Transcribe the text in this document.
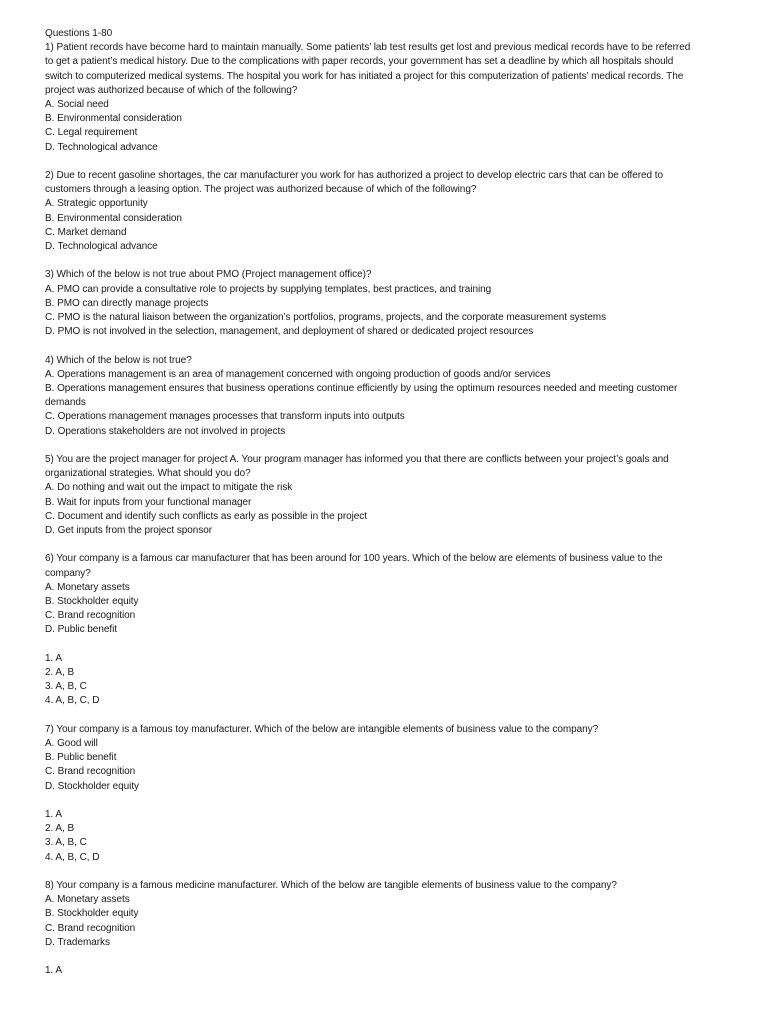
Questions 1-80
1) Patient records have become hard to maintain manually. Some patients’ lab test results get lost and previous medical records have to be referred
to get a patient’s medical history. Due to the complications with paper records, your government has set a deadline by which all hospitals should
switch to computerized medical systems. The hospital you work for has initiated a project for this computerization of patients’ medical records. The
project was authorized because of which of the following?
A. Social need
B. Environmental consideration
C. Legal requirement
D. Technological advance
2) Due to recent gasoline shortages, the car manufacturer you work for has authorized a project to develop electric cars that can be offered to
customers through a leasing option. The project was authorized because of which of the following?
A. Strategic opportunity
B. Environmental consideration
C. Market demand
D. Technological advance
3) Which of the below is not true about PMO (Project management office)?
A. PMO can provide a consultative role to projects by supplying templates, best practices, and training
B. PMO can directly manage projects
C. PMO is the natural liaison between the organization’s portfolios, programs, projects, and the corporate measurement systems
D. PMO is not involved in the selection, management, and deployment of shared or dedicated project resources
4) Which of the below is not true?
A. Operations management is an area of management concerned with ongoing production of goods and/or services
B. Operations management ensures that business operations continue efficiently by using the optimum resources needed and meeting customer
demands
C. Operations management manages processes that transform inputs into outputs
D. Operations stakeholders are not involved in projects
5) You are the project manager for project A. Your program manager has informed you that there are conflicts between your project’s goals and
organizational strategies. What should you do?
A. Do nothing and wait out the impact to mitigate the risk
B. Wait for inputs from your functional manager
C. Document and identify such conflicts as early as possible in the project
D. Get inputs from the project sponsor
6) Your company is a famous car manufacturer that has been around for 100 years. Which of the below are elements of business value to the
company?
A. Monetary assets
B. Stockholder equity
C. Brand recognition
D. Public benefit
1. A
2. A, B
3. A, B, C
4. A, B, C, D
7) Your company is a famous toy manufacturer. Which of the below are intangible elements of business value to the company?
A. Good will
B. Public benefit
C. Brand recognition
D. Stockholder equity
1. A
2. A, B
3. A, B, C
4. A, B, C, D
8) Your company is a famous medicine manufacturer. Which of the below are tangible elements of business value to the company?
A. Monetary assets
B. Stockholder equity
C. Brand recognition
D. Trademarks
1. A
